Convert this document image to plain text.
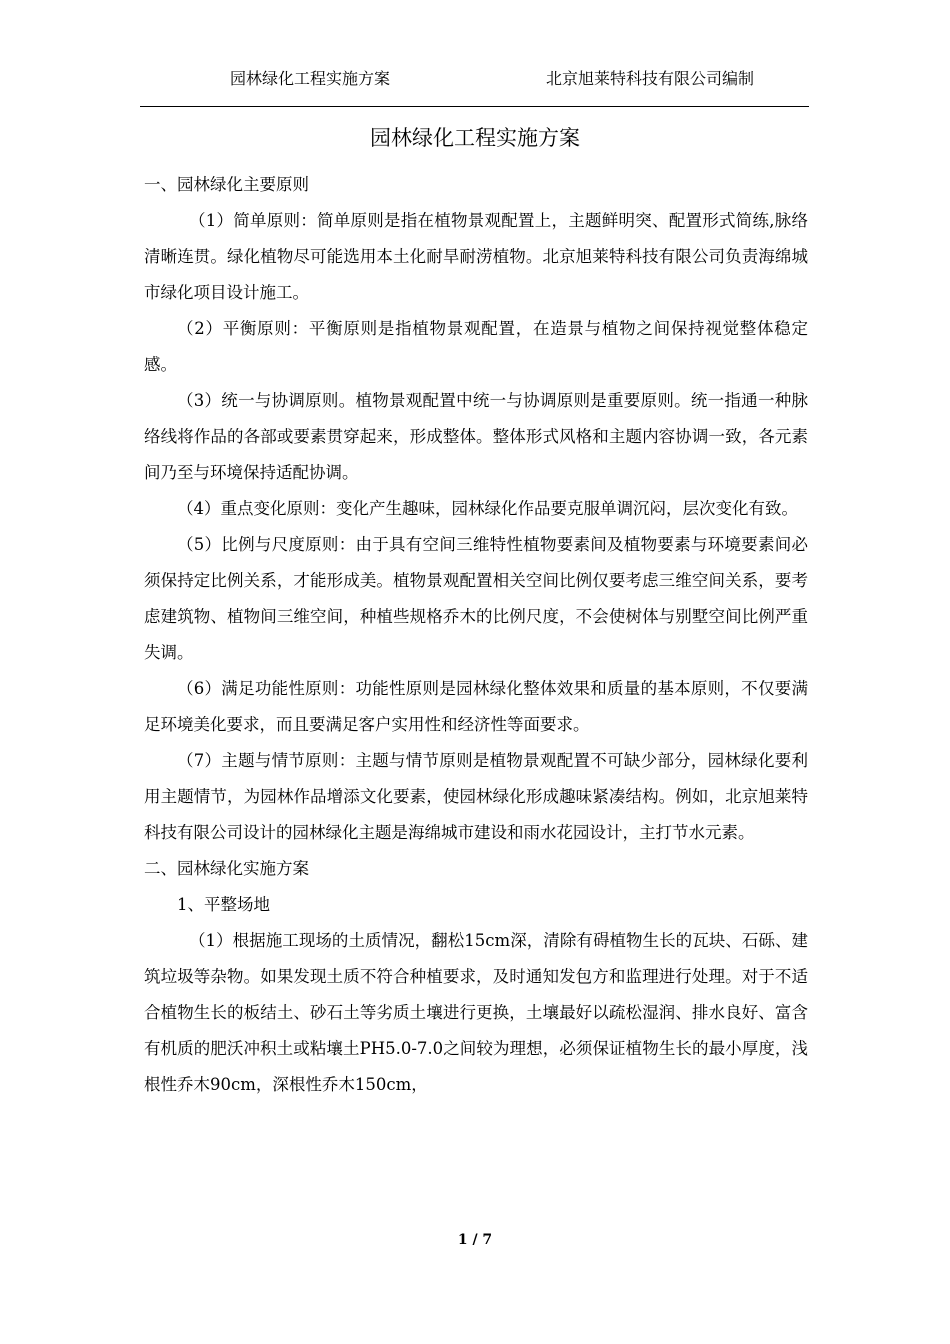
园林绿化工程实施方案	北京旭莱特科技有限公司编制
园林绿化工程实施方案

一、园林绿化主要原则

（1）简单原则：简单原则是指在植物景观配置上，主题鲜明突、配置形式简练,脉络清晰连贯。绿化植物尽可能选用本土化耐旱耐涝植物。北京旭莱特科技有限公司负责海绵城市绿化项目设计施工。

（2）平衡原则：平衡原则是指植物景观配置，在造景与植物之间保持视觉整体稳定感。

（3）统一与协调原则。植物景观配置中统一与协调原则是重要原则。统一指通一种脉络线将作品的各部或要素贯穿起来，形成整体。整体形式风格和主题内容协调一致，各元素间乃至与环境保持适配协调。

（4）重点变化原则：变化产生趣味，园林绿化作品要克服单调沉闷，层次变化有致。

（5）比例与尺度原则：由于具有空间三维特性植物要素间及植物要素与环境要素间必须保持定比例关系，才能形成美。植物景观配置相关空间比例仅要考虑三维空间关系，要考虑建筑物、植物间三维空间，种植些规格乔木的比例尺度，不会使树体与别墅空间比例严重失调。

（6）满足功能性原则：功能性原则是园林绿化整体效果和质量的基本原则，不仅要满足环境美化要求，而且要满足客户实用性和经济性等面要求。

（7）主题与情节原则：主题与情节原则是植物景观配置不可缺少部分，园林绿化要利用主题情节，为园林作品增添文化要素，使园林绿化形成趣味紧凑结构。例如，北京旭莱特科技有限公司设计的园林绿化主题是海绵城市建设和雨水花园设计，主打节水元素。

二、园林绿化实施方案

1、平整场地

（1）根据施工现场的土质情况，翻松15cm深，清除有碍植物生长的瓦块、石砾、建筑垃圾等杂物。如果发现土质不符合种植要求，及时通知发包方和监理进行处理。对于不适合植物生长的板结土、砂石土等劣质土壤进行更换，土壤最好以疏松湿润、排水良好、富含有机质的肥沃冲积土或粘壤土PH5.0-7.0之间较为理想，必须保证植物生长的最小厚度，浅根性乔木90cm，深根性乔木150cm，

1 / 7
